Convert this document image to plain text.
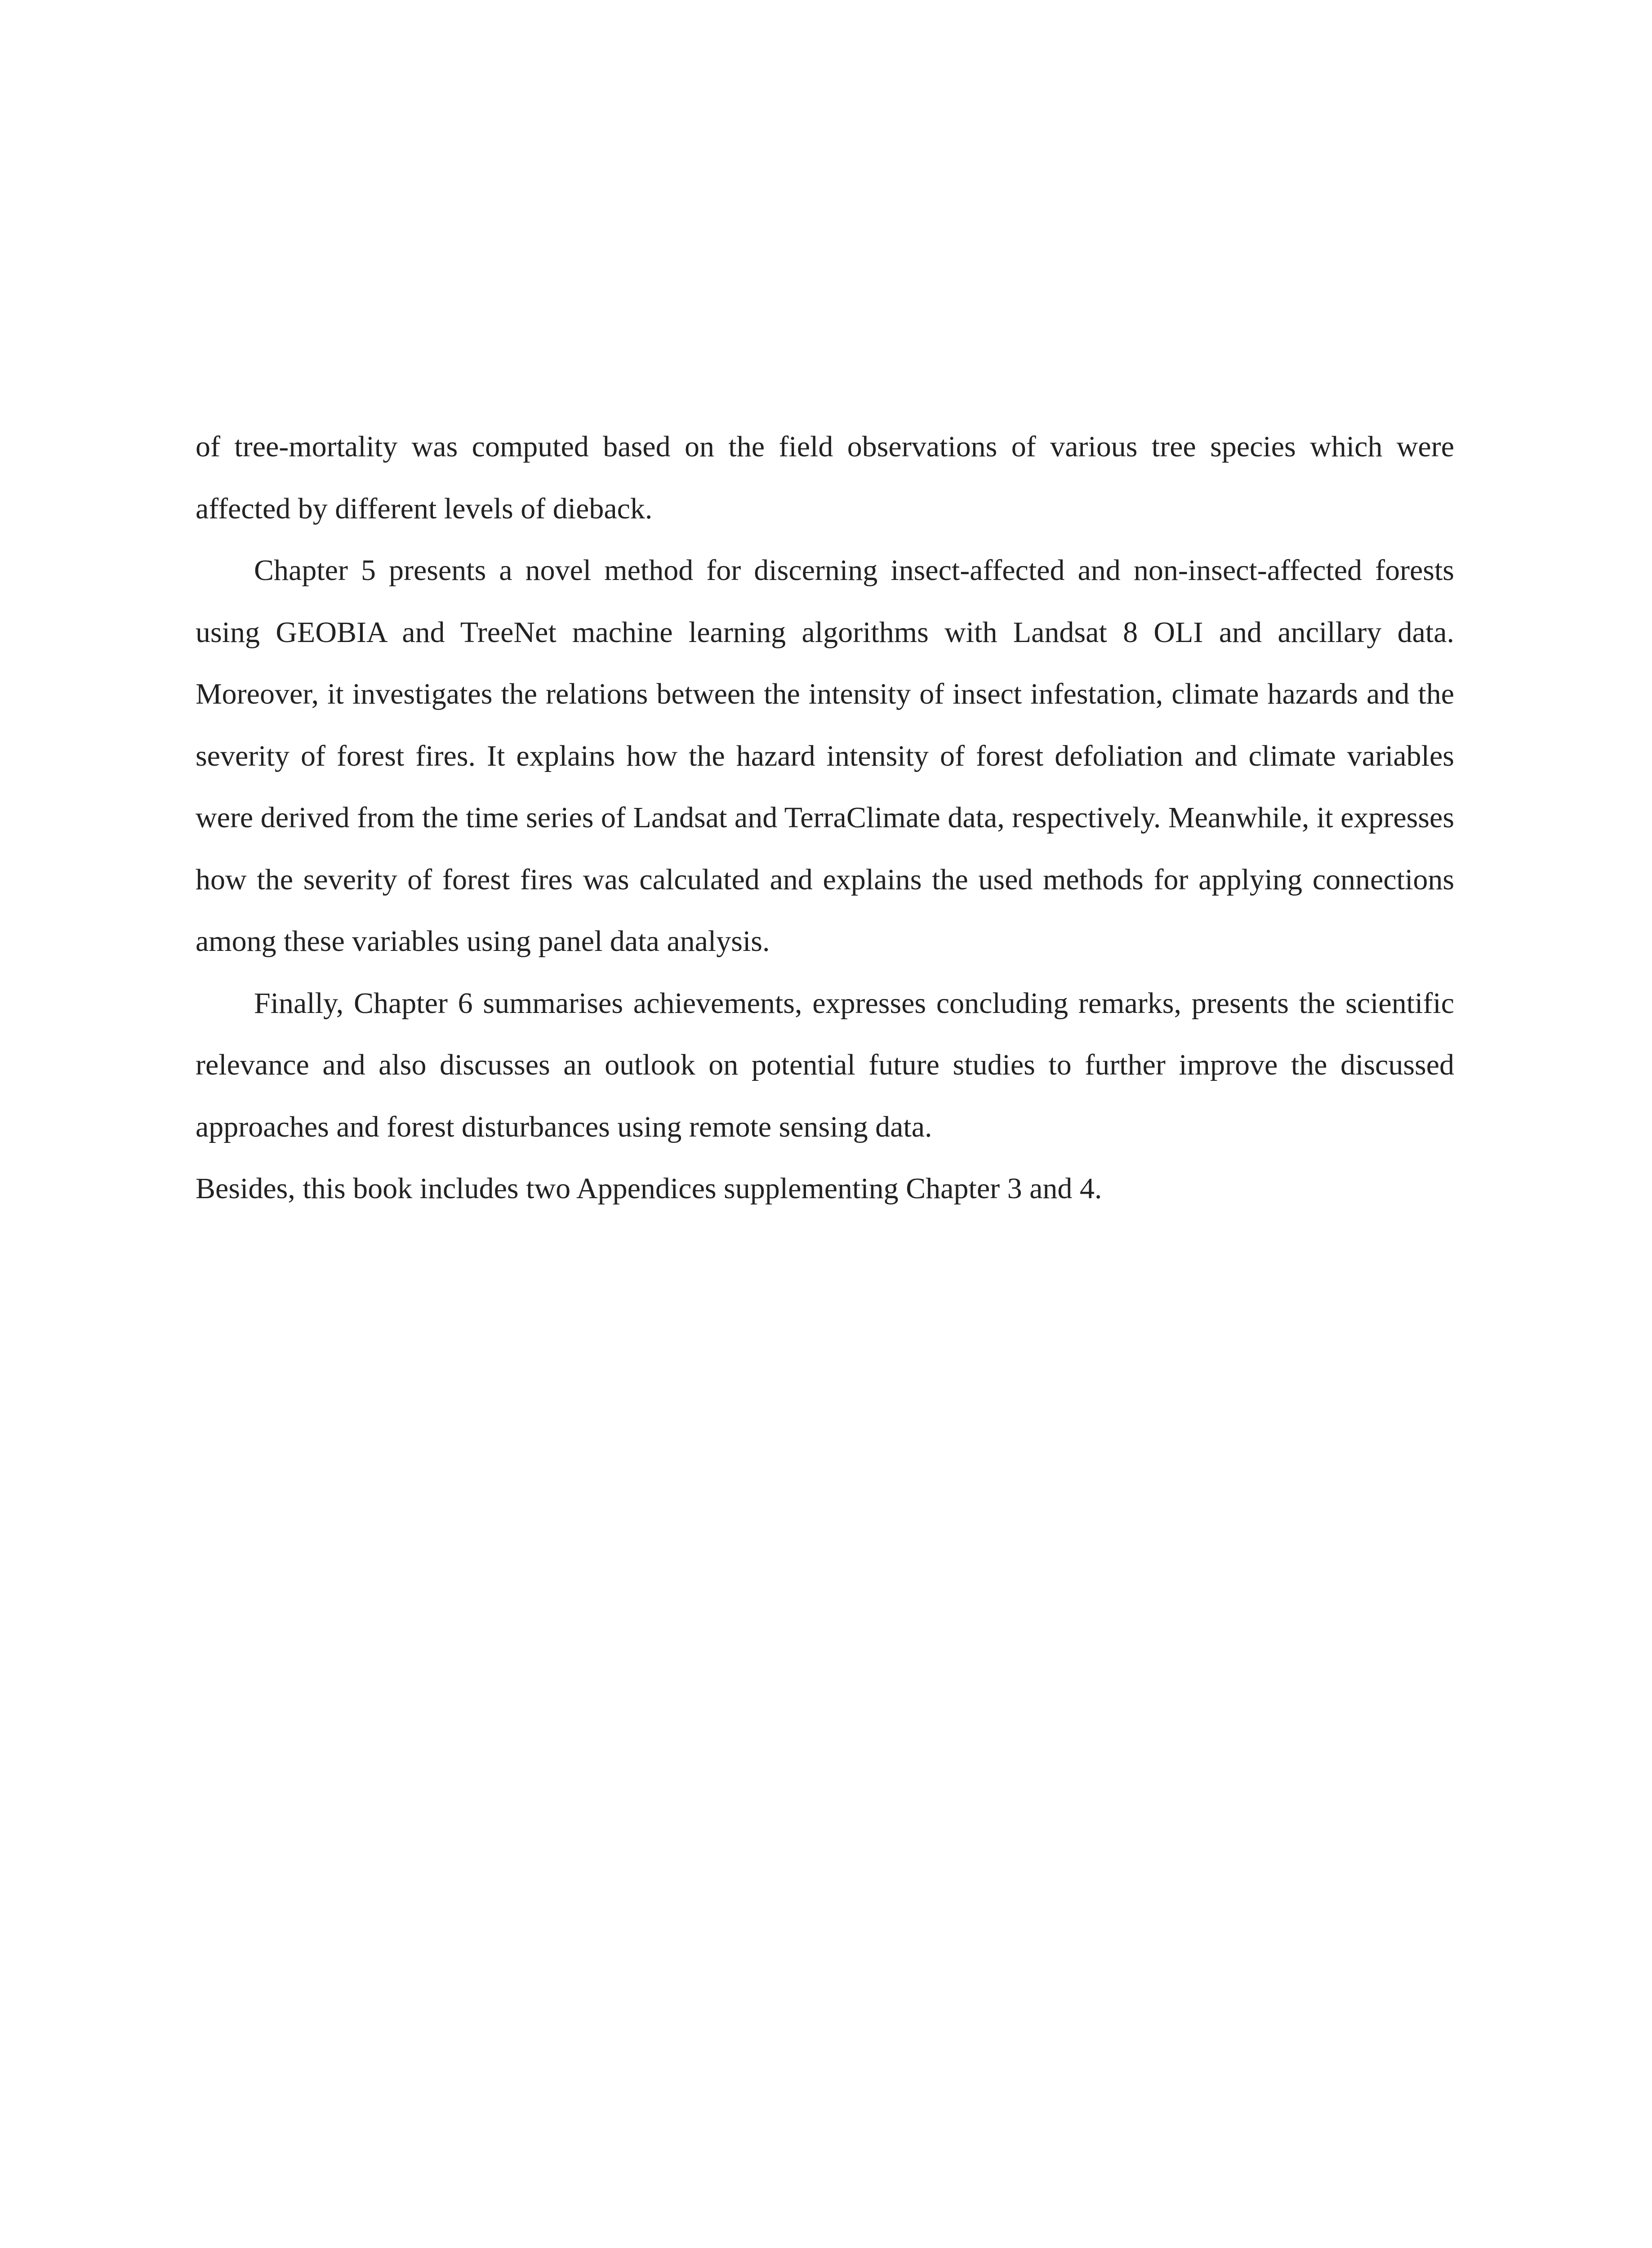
of tree-mortality was computed based on the field observations of various tree species which were affected by different levels of dieback.

Chapter 5 presents a novel method for discerning insect-affected and non-insect-affected forests using GEOBIA and TreeNet machine learning algorithms with Landsat 8 OLI and ancillary data. Moreover, it investigates the relations between the intensity of insect infestation, climate hazards and the severity of forest fires. It explains how the hazard intensity of forest defoliation and climate variables were derived from the time series of Landsat and TerraClimate data, respectively. Meanwhile, it expresses how the severity of forest fires was calculated and explains the used methods for applying connections among these variables using panel data analysis.

Finally, Chapter 6 summarises achievements, expresses concluding remarks, presents the scientific relevance and also discusses an outlook on potential future studies to further improve the discussed approaches and forest disturbances using remote sensing data.

Besides, this book includes two Appendices supplementing Chapter 3 and 4.
